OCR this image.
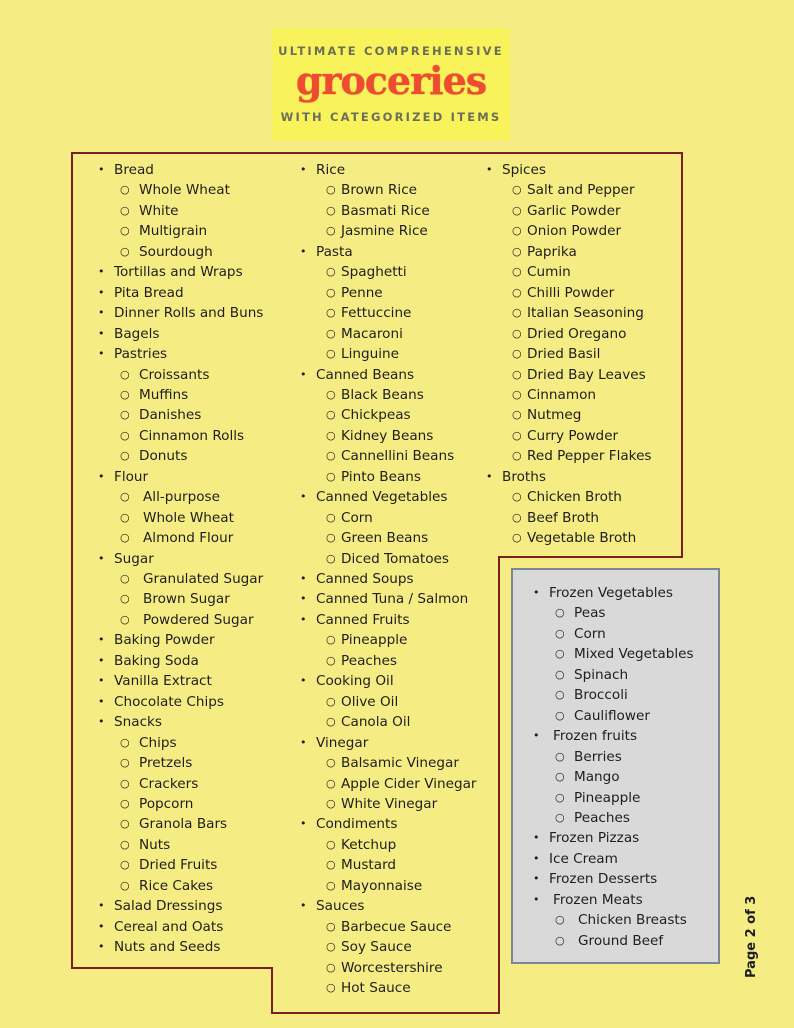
ULTIMATE COMPREHENSIVE
groceries
WITH CATEGORIZED ITEMS
• Bread
○ Whole Wheat
○ White
○ Multigrain
○ Sourdough
• Tortillas and Wraps
• Pita Bread
• Dinner Rolls and Buns
• Bagels
• Pastries
○ Croissants
○ Muffins
○ Danishes
○ Cinnamon Rolls
○ Donuts
• Flour
○ All-purpose
○ Whole Wheat
○ Almond Flour
• Sugar
○ Granulated Sugar
○ Brown Sugar
○ Powdered Sugar
• Baking Powder
• Baking Soda
• Vanilla Extract
• Chocolate Chips
• Snacks
○ Chips
○ Pretzels
○ Crackers
○ Popcorn
○ Granola Bars
○ Nuts
○ Dried Fruits
○ Rice Cakes
• Salad Dressings
• Cereal and Oats
• Nuts and Seeds
• Rice
○ Brown Rice
○ Basmati Rice
○ Jasmine Rice
• Pasta
○ Spaghetti
○ Penne
○ Fettuccine
○ Macaroni
○ Linguine
• Canned Beans
○ Black Beans
○ Chickpeas
○ Kidney Beans
○ Cannellini Beans
○ Pinto Beans
• Canned Vegetables
○ Corn
○ Green Beans
○ Diced Tomatoes
• Canned Soups
• Canned Tuna / Salmon
• Canned Fruits
○ Pineapple
○ Peaches
• Cooking Oil
○ Olive Oil
○ Canola Oil
• Vinegar
○ Balsamic Vinegar
○ Apple Cider Vinegar
○ White Vinegar
• Condiments
○ Ketchup
○ Mustard
○ Mayonnaise
• Sauces
○ Barbecue Sauce
○ Soy Sauce
○ Worcestershire
○ Hot Sauce
• Spices
○ Salt and Pepper
○ Garlic Powder
○ Onion Powder
○ Paprika
○ Cumin
○ Chilli Powder
○ Italian Seasoning
○ Dried Oregano
○ Dried Basil
○ Dried Bay Leaves
○ Cinnamon
○ Nutmeg
○ Curry Powder
○ Red Pepper Flakes
• Broths
○ Chicken Broth
○ Beef Broth
○ Vegetable Broth
• Frozen Vegetables
○ Peas
○ Corn
○ Mixed Vegetables
○ Spinach
○ Broccoli
○ Cauliflower
• Frozen fruits
○ Berries
○ Mango
○ Pineapple
○ Peaches
• Frozen Pizzas
• Ice Cream
• Frozen Desserts
• Frozen Meats
○ Chicken Breasts
○ Ground Beef	Page 2 of 3
